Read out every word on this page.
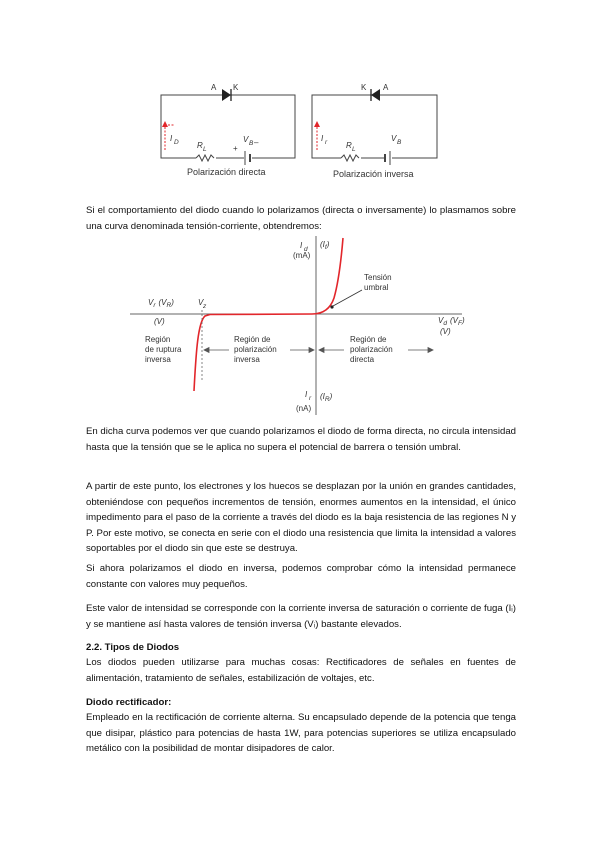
A K
I D R L	+
V B –
Polarización directa
K A
I r R L
V B
Polarización inversa

Si el comportamiento del diodo cuando lo polarizamos (directa o inversamente) lo plasmamos sobre una curva denominada tensión-corriente, obtendremos:

I d
(mA)
$(I_f)$
I r
(nA)
$(I_R)$
$V_r$ $(V_R)$
(V)	$V_d$ $(V_F)$
(V)
V z
Tensión
umbral
Región
de ruptura
inversa
Región de
polarización
inversa
Región de
polarización
directa

En dicha curva podemos ver que cuando polarizamos el diodo de forma directa, no circula intensidad hasta que la tensión que se le aplica no supera el potencial de barrera o tensión umbral.

A partir de este punto, los electrones y los huecos se desplazan por la unión en grandes cantidades, obteniéndose con pequeños incrementos de tensión, enormes aumentos en la intensidad, el único impedimento para el paso de la corriente a través del diodo es la baja resistencia de las regiones N y P. Por este motivo, se conecta en serie con el diodo una resistencia que limita la intensidad a valores soportables por el diodo sin que este se destruya.

Si ahora polarizamos el diodo en inversa, podemos comprobar cómo la intensidad permanece constante con valores muy pequeños.

Este valor de intensidad se corresponde con la corriente inversa de saturación o corriente de fuga (Iᵢ) y se mantiene así hasta valores de tensión inversa (Vᵢ) bastante elevados.

2.2. Tipos de Diodos

Los diodos pueden utilizarse para muchas cosas: Rectificadores de señales en fuentes de alimentación, tratamiento de señales, estabilización de voltajes, etc.

Diodo rectificador:

Empleado en la rectificación de corriente alterna. Su encapsulado depende de la potencia que tenga que disipar, plástico para potencias de hasta 1W, para potencias superiores se utiliza encapsulado metálico con la posibilidad de montar disipadores de calor.
